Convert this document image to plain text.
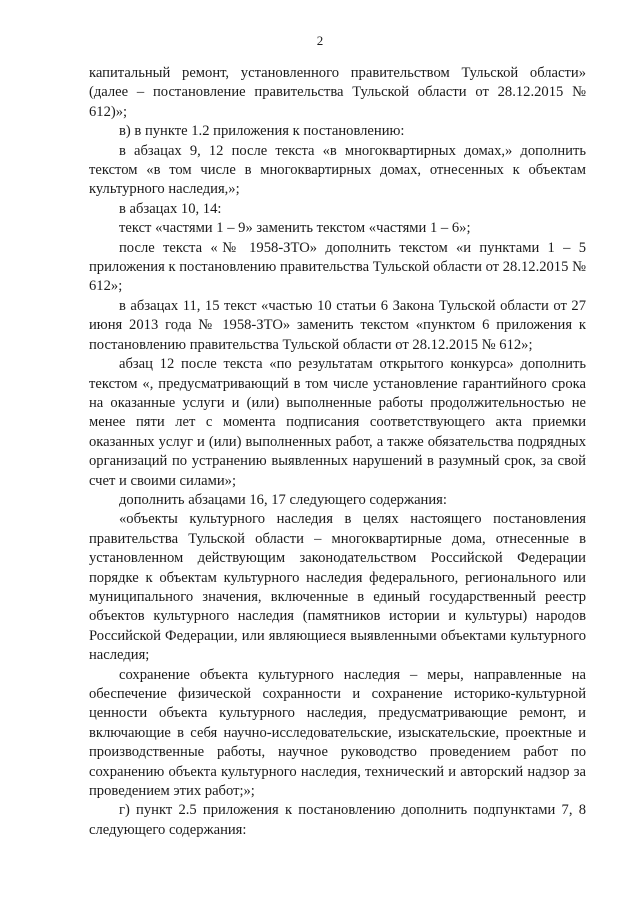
2

капитальный ремонт, установленного правительством Тульской области» (далее – постановление правительства Тульской области от 28.12.2015 № 612)»;

в) в пункте 1.2 приложения к постановлению:

в абзацах 9, 12 после текста «в многоквартирных домах,» дополнить текстом «в том числе в многоквартирных домах, отнесенных к объектам культурного наследия,»;

в абзацах 10, 14:

текст «частями 1 – 9» заменить текстом «частями 1 – 6»;

после текста «№ 1958-ЗТО» дополнить текстом «и пунктами 1 – 5 приложения к постановлению правительства Тульской области от 28.12.2015 № 612»;

в абзацах 11, 15 текст «частью 10 статьи 6 Закона Тульской области от 27 июня 2013 года № 1958-ЗТО» заменить текстом «пунктом 6 приложения к постановлению правительства Тульской области от 28.12.2015 № 612»;

абзац 12 после текста «по результатам открытого конкурса» дополнить текстом «, предусматривающий в том числе установление гарантийного срока на оказанные услуги и (или) выполненные работы продолжительностью не менее пяти лет с момента подписания соответствующего акта приемки оказанных услуг и (или) выполненных работ, а также обязательства подрядных организаций по устранению выявленных нарушений в разумный срок, за свой счет и своими силами»;

дополнить абзацами 16, 17 следующего содержания:

«объекты культурного наследия в целях настоящего постановления правительства Тульской области – многоквартирные дома, отнесенные в установленном действующим законодательством Российской Федерации порядке к объектам культурного наследия федерального, регионального или муниципального значения, включенные в единый государственный реестр объектов культурного наследия (памятников истории и культуры) народов Российской Федерации, или являющиеся выявленными объектами культурного наследия;

сохранение объекта культурного наследия – меры, направленные на обеспечение физической сохранности и сохранение историко-культурной ценности объекта культурного наследия, предусматривающие ремонт, и включающие в себя научно-исследовательские, изыскательские, проектные и производственные работы, научное руководство проведением работ по сохранению объекта культурного наследия, технический и авторский надзор за проведением этих работ;»;

г) пункт 2.5 приложения к постановлению дополнить подпунктами 7, 8 следующего содержания:
